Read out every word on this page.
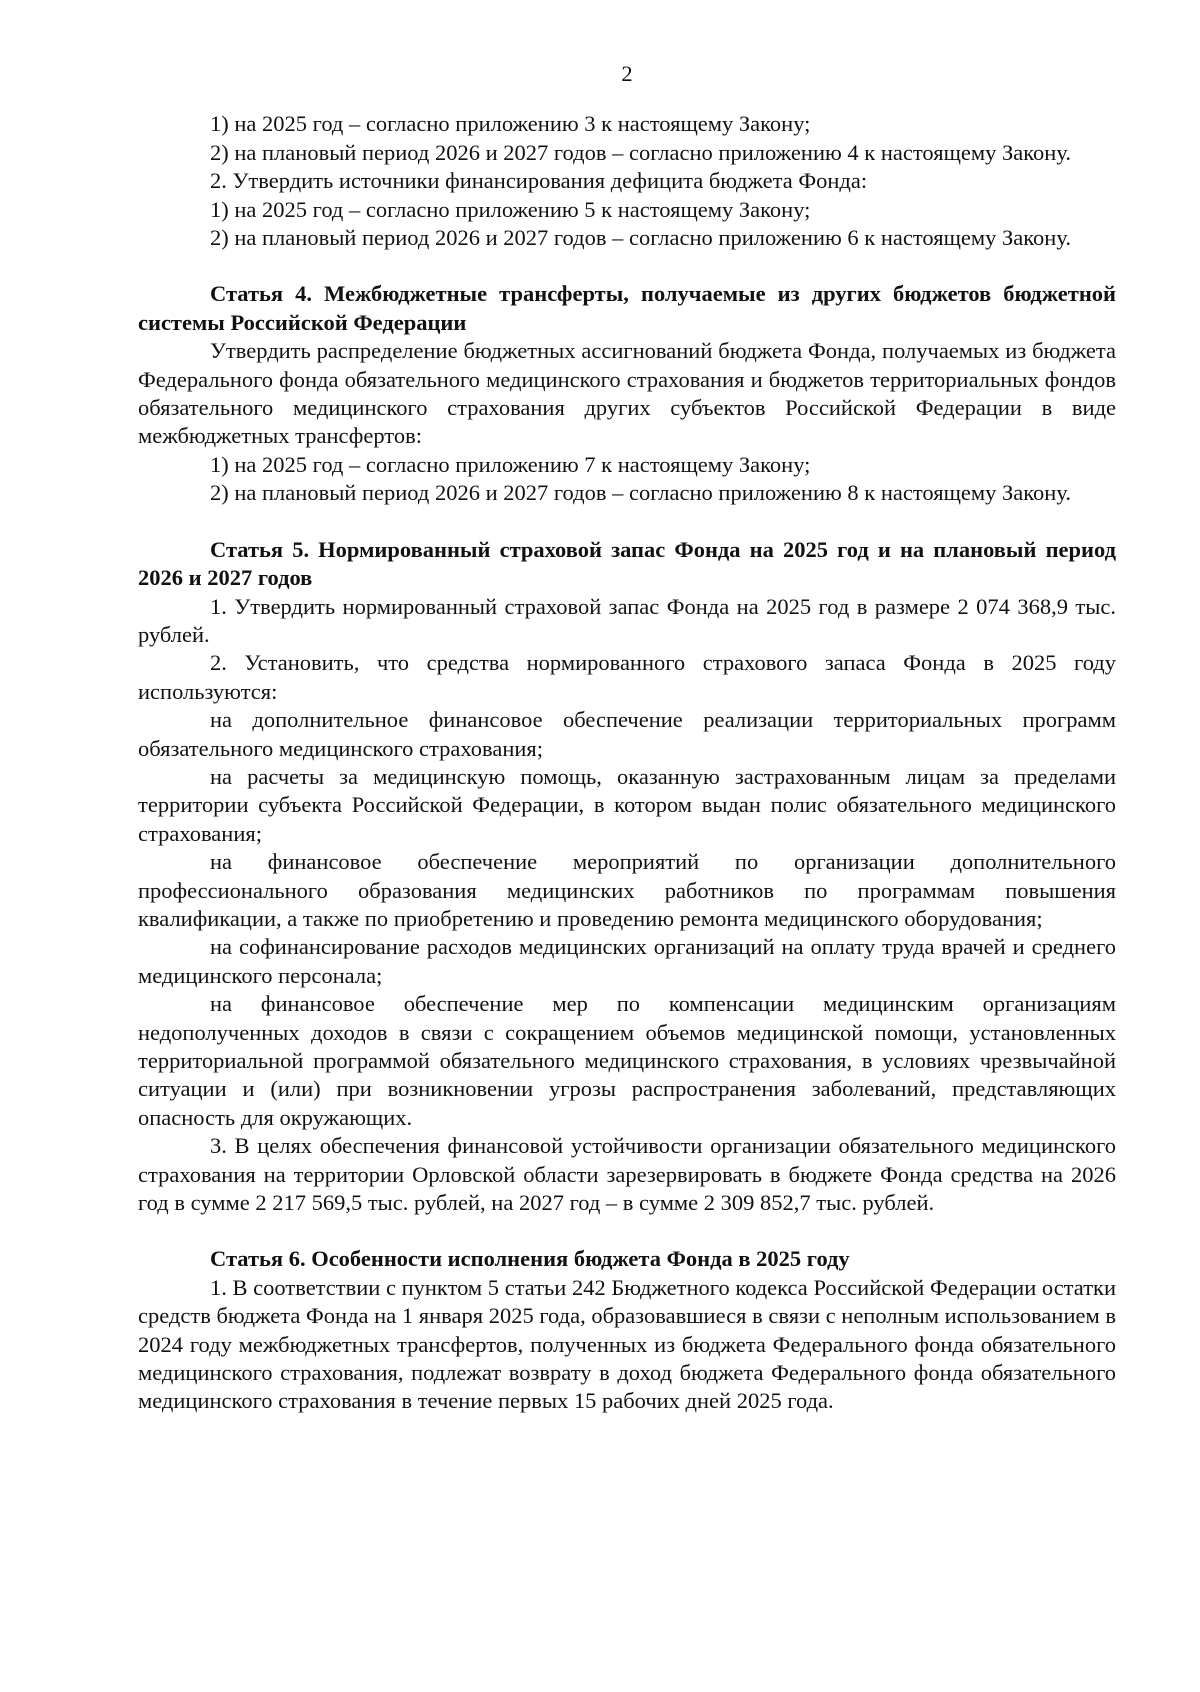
2

1) на 2025 год – согласно приложению 3 к настоящему Закону;

2) на плановый период 2026 и 2027 годов – согласно приложению 4 к настоящему Закону.

2. Утвердить источники финансирования дефицита бюджета Фонда:

1) на 2025 год – согласно приложению 5 к настоящему Закону;

2) на плановый период 2026 и 2027 годов – согласно приложению 6 к настоящему Закону.

Статья 4. Межбюджетные трансферты, получаемые из других бюджетов бюджетной системы Российской Федерации

Утвердить распределение бюджетных ассигнований бюджета Фонда, получаемых из бюджета Федерального фонда обязательного медицинского страхования и бюджетов территориальных фондов обязательного медицинского страхования других субъектов Российской Федерации в виде межбюджетных трансфертов:

1) на 2025 год – согласно приложению 7 к настоящему Закону;

2) на плановый период 2026 и 2027 годов – согласно приложению 8 к настоящему Закону.

Статья 5. Нормированный страховой запас Фонда на 2025 год и на плановый период 2026 и 2027 годов

1. Утвердить нормированный страховой запас Фонда на 2025 год в размере 2 074 368,9 тыс. рублей.

2. Установить, что средства нормированного страхового запаса Фонда в 2025 году используются:

на дополнительное финансовое обеспечение реализации территориальных программ обязательного медицинского страхования;

на расчеты за медицинскую помощь, оказанную застрахованным лицам за пределами территории субъекта Российской Федерации, в котором выдан полис обязательного медицинского страхования;

на финансовое обеспечение мероприятий по организации дополнительного профессионального образования медицинских работников по программам повышения квалификации, а также по приобретению и проведению ремонта медицинского оборудования;

на софинансирование расходов медицинских организаций на оплату труда врачей и среднего медицинского персонала;

на финансовое обеспечение мер по компенсации медицинским организациям недополученных доходов в связи с сокращением объемов медицинской помощи, установленных территориальной программой обязательного медицинского страхования, в условиях чрезвычайной ситуации и (или) при возникновении угрозы распространения заболеваний, представляющих опасность для окружающих.

3. В целях обеспечения финансовой устойчивости организации обязательного медицинского страхования на территории Орловской области зарезервировать в бюджете Фонда средства на 2026 год в сумме 2 217 569,5 тыс. рублей, на 2027 год – в сумме 2 309 852,7 тыс. рублей.

Статья 6. Особенности исполнения бюджета Фонда в 2025 году

1. В соответствии с пунктом 5 статьи 242 Бюджетного кодекса Российской Федерации остатки средств бюджета Фонда на 1 января 2025 года, образовавшиеся в связи с неполным использованием в 2024 году межбюджетных трансфертов, полученных из бюджета Федерального фонда обязательного медицинского страхования, подлежат возврату в доход бюджета Федерального фонда обязательного медицинского страхования в течение первых 15 рабочих дней 2025 года.
